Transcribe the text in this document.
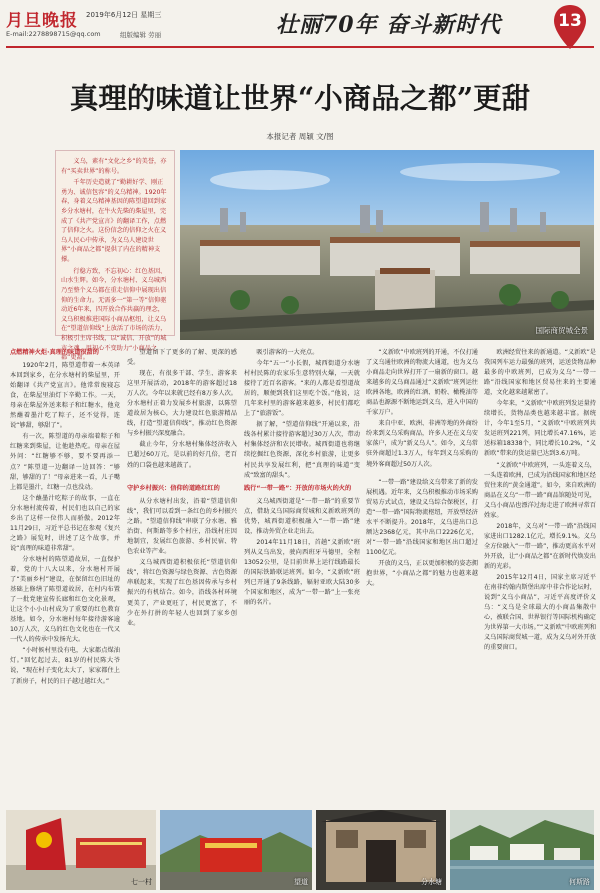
月旦晚报 2019年6月12日 星期三
E-mail:2278898715@qq.com	组版编辑 劳丽	壮丽70年 奋斗新时代	13
真理的味道让世界“小商品之都”更甜
本报记者 周颖 文/图

义乌，素有“文化之乡”的美誉，亦有“买卖世界”的称号。

千年历史造就了“勤耕好学、刚正勇为、诚信包容”的义乌精神。1920年春，身着义乌精神基因的陈望道回到家乡分水塘村，在牛火先柴的柴屋里，完成了《共产党宣言》的翻译工作，点燃了信仰之火。这份信念的信仰之火在义乌人民心中传承，为义乌人建设世界“小商品之都”提供了内在的精神支撑。

行稳方致，不忘初心：红色基因、山水生辉。如今，分水塘村、义乌城西乃至整个义乌都在重走信仰中展现出信仰的生命力。无需多一“第一等”信仰驱动近6年来，四开放合作共赢的理念，义乌积极推进国际小商品枢纽，让义乌在“望道信仰线”上放活了市场的活力，积极引主席书线，以“诚信、开放”的城市之魂，用初心不变助力“小商品之都”更甜。

国际商贸城全景

点燃精神火炬·真理的味道很甜的

1920年2月，陈望道带着一本英译本回到家乡，在分水塘村的柴屋里，开始翻译《共产党宣言》。他常常废寝忘食，在柴屋里油灯下辛勤工作。一天，母亲在柴屋外送来粽子和红糖水，他竟然蘸着墨汁吃了粽子，还不觉得，连说“够甜，够甜了”。

有一次，陈望道的母亲端着粽子和红糖来到柴屋，让他趁热吃。母亲在屋外问：“红糖够不够，要不要再添一点？”陈望道一边翻译一边回答：“够甜，够甜的了！”母亲进来一看，儿子嘴上都是墨汁，红糖一点也没动。

这个蘸墨汁吃粽子的故事，一直在分水塘村流传着，村民们也以自己的家乡出了这样一位伟人而骄傲。2012年11月29日，习近平总书记在参观《复兴之路》展览时，讲述了这个故事，并说“真理的味道非常甜”。

分水塘村的陈望道故居，一直保护着，党的十八大以来，分水塘村开展了“美丽乡村”建设，在保留红色旧址的基础上修缮了陈望道故居，在村内布置了一批党建宣传长廊和红色文化景观，让这个小小山村成为了重要的红色教育基地。如今，分水塘村每年接待游客逾10万人次，义乌的红色文化也在一代又一代人的传承中发扬光大。

“小时候村里没有电，大家都点煤油灯。”回忆起过去，81岁的村民陈大爷说，“现在村子变化太大了，家家都住上了新房子，村民的日子越过越红火。”

望道留下了更多的了解、更深的感受。

现在，有很多干部、学生、游客来这里开展活动，2018年的游客超过18万人次。今年以来就已经有8万多人次。分水塘村正着力发展乡村旅游，以陈望道故居为核心，大力建设红色旅游精品线，打造“望道信仰线”，推动红色资源与乡村振兴深度融合。

截止今年，分水塘村集体经济收入已超过60万元，是以前的好几倍，老百姓的口袋也越来越鼓了。

守护乡村振兴：信仰的道路红红的

从分水塘村出发，沿着“望道信仰线”，我们可以看到一条红色的乡村振兴之路。“望道信仰线”串联了分水塘、雅治街、何斯路等多个村庄，沿线村庄因地制宜，发展红色旅游、乡村民宿、特色农业等产业。

义乌城西街道积极依托“望道信仰线”，将红色资源与绿色资源、古色资源串联起来，实现了红色基因传承与乡村振兴的有机结合。如今，沿线各村环境更美了，产业更旺了，村民更富了，不少在外打拼的年轻人也回到了家乡创业。

吸引游客的一大亮点。

今年“五一”小长假，城西街道分水塘村村民陈的农家乐生意特别火爆，一天就接待了近百名游客。“来的人都是看望道故居的，顺便到我们这里吃个饭。”他说，这几年来村里的游客越来越多，村民们都吃上了“旅游饭”。

据了解，“望道信仰线”开通以来，沿线各村累计接待游客超过30万人次，带动村集体经济和农民增收。城西街道也将继续挖掘红色资源，深化乡村旅游，让更多村民共享发展红利，把“真理的味道”变成“致富的甜头”。

践行“一带一路”：开放的市场火的火的

义乌城西街道是“一带一路”的重要节点，借助义乌国际商贸城和义新欧班列的优势，城西街道积极融入“一带一路”建设，推动外贸企业走出去。

2014年11月18日，首趟“义新欧”班列从义乌出发，驶向西班牙马德里，全程13052公里，是目前世界上运行线路最长的国际铁路联运班列。如今，“义新欧”班列已开通了9条线路，辐射亚欧大陆30多个国家和地区，成为“一带一路”上一张亮丽的名片。

“义新欧”中欧班列的开通，不仅打通了义乌通往欧洲的物流大通道，也为义乌小商品走向世界打开了一扇新的窗口。越来越多的义乌商品通过“义新欧”班列运往欧洲各地，欧洲的红酒、奶粉、橄榄油等商品也源源不断地运到义乌，进入中国的千家万户。

来自中亚、欧洲、非洲等地的外商纷纷来到义乌采购商品，许多人还在义乌安家落户，成为“新义乌人”。如今，义乌常驻外商超过1.3万人，每年到义乌采购的境外客商超过50万人次。

“一带一路”建设给义乌带来了新的发展机遇。近年来，义乌积极推动市场采购贸易方式试点，建设义乌综合保税区，打造“一带一路”国际物流枢纽，开放型经济水平不断提升。2018年，义乌进出口总额达2368亿元，其中出口2226亿元，对“一带一路”沿线国家和地区出口超过1100亿元。

开放的义乌，正以更加积极的姿态拥抱世界，“小商品之都”的魅力也越来越大。

欧洲经贸往来的新通道。“义新欧”是我国列车运力最强的班列，运送货物品种最多的中欧班列，已成为义乌“一带一路”沿线国家和地区贸易往来的主要通道，文化越来越紧密了。

今年来，“义新欧”中欧班列发运量持续增长，货物品类也越来越丰富。据统计，今年1至5月，“义新欧”中欧班列共发运班列221列，同比增长47.16%，运送标箱18338个，同比增长10.2%，“义新欧”带来的货运量已达到3.6万吨。

“义新欧”中欧班列，一头连着义乌，一头连着欧洲，已成为沿线国家和地区经贸往来的“黄金通道”。如今，来自欧洲的商品在义乌“一带一路”商品馆随处可见，义乌小商品也漂洋过海走进了欧洲寻常百姓家。

2018年，义乌对“一带一路”沿线国家进出口1282.1亿元，增长9.1%。义乌全方位融入“一带一路”，推动更高水平对外开放，让“小商品之都”在新时代焕发出新的光彩。

2015年12月4日，国家主席习近平在南非约翰内斯堡出席中非合作论坛时，说到“义乌小商品”，习近平高度评价义乌：“义乌是全球最大的小商品集散中心，被联合国、世界银行等国际机构确定为世界第一大市场。”“义新欧”中欧班列和义乌国际商贸城一道，成为义乌对外开放的重要窗口。

七一村	望道	分水塘	何斯路
